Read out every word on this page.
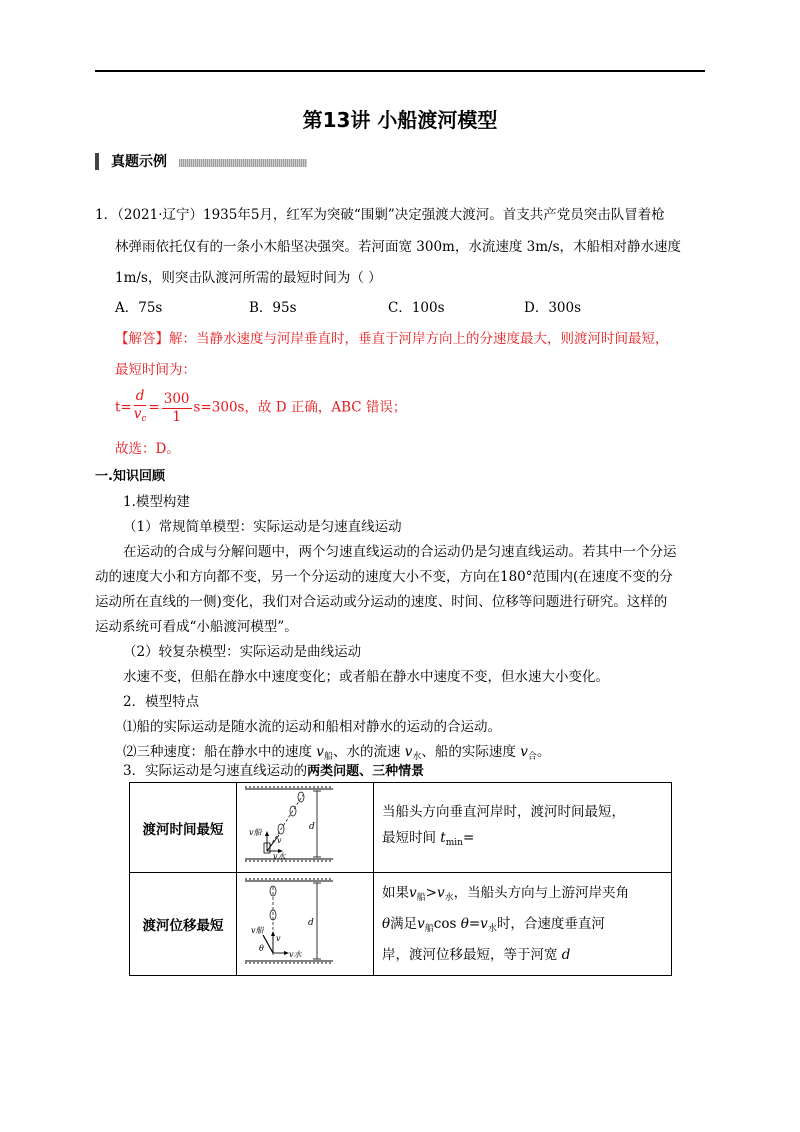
第13讲 小船渡河模型
真题示例
1．（2021·辽宁）1935年5月，红军为突破“围剿”决定强渡大渡河。首支共产党员突击队冒着枪
林弹雨依托仅有的一条小木船坚决强突。若河面宽 300m，水流速度 3m/s，木船相对静水速度
1m/s，则突击队渡河所需的最短时间为（ ）
A．75s	B．95s	C．100s	D．300s
【解答】解：当静水速度与河岸垂直时，垂直于河岸方向上的分速度最大，则渡河时间最短，
最短时间为：
$t= \frac{d}{v_c} = \frac{300}{1} s=300s$，故 D 正确，ABC 错误；
故选：D。
一.知识回顾
1.模型构建
（1）常规简单模型：实际运动是匀速直线运动
在运动的合成与分解问题中，两个匀速直线运动的合运动仍是匀速直线运动。若其中一个分运
动的速度大小和方向都不变，另一个分运动的速度大小不变，方向在180°范围内(在速度不变的分
运动所在直线的一侧)变化，我们对合运动或分运动的速度、时间、位移等问题进行研究。这样的
运动系统可看成“小船渡河模型”。
（2）较复杂模型：实际运动是曲线运动
水速不变，但船在静水中速度变化；或者船在静水中速度不变，但水速大小变化。
2．模型特点
⑴船的实际运动是随水流的运动和船相对静水的运动的合运动。
⑵三种速度：船在静水中的速度 $v_船$、水的流速 $v_水$、船的实际速度 $v_合$。
3．实际运动是匀速直线运动的两类问题、三种情景
渡河时间最短	d
v船
v
v水	当船头方向垂直河岸时，渡河时间最短，
最短时间 $t_{min}=$
渡河位移最短	d
v船
v
θ
v水	如果$v_船>v_水$，当船头方向与上游河岸夹角
θ满足$v_船\cos$ $\theta=v_水$时，合速度垂直河
岸，渡河位移最短，等于河宽 d
